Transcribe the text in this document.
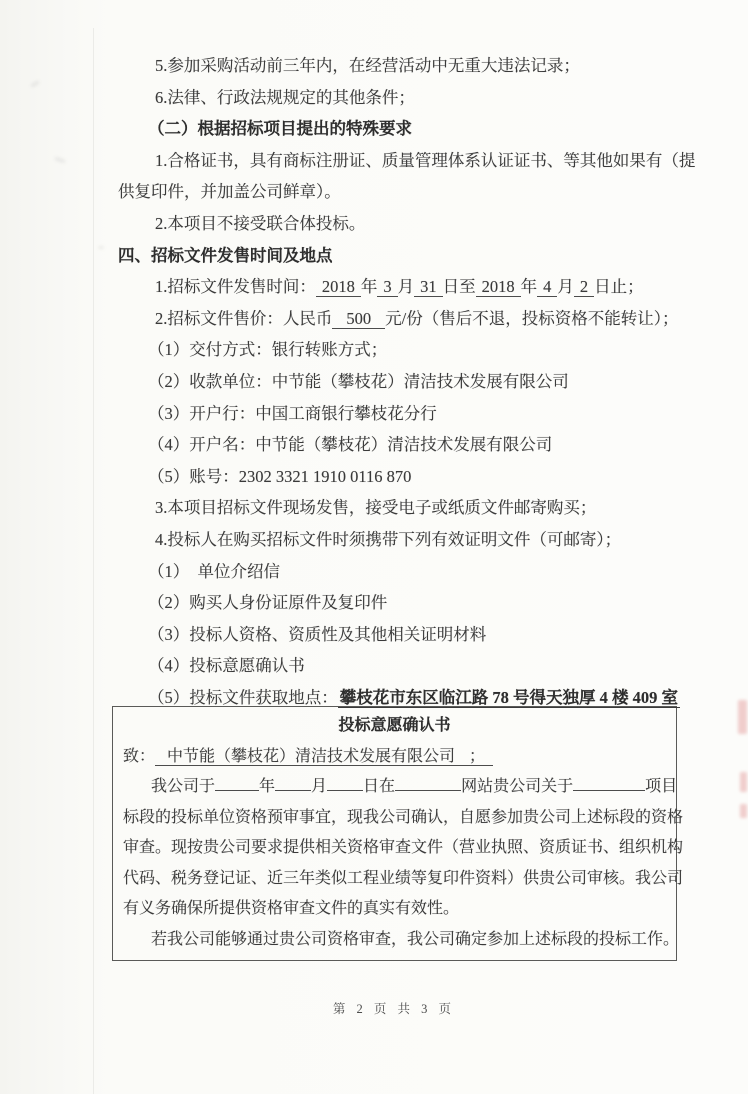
5.参加采购活动前三年内，在经营活动中无重大违法记录；

6.法律、行政法规规定的其他条件；

（二）根据招标项目提出的特殊要求

1.合格证书，具有商标注册证、质量管理体系认证证书、等其他如果有（提

供复印件，并加盖公司鲜章）。

2.本项目不接受联合体投标。

四、招标文件发售时间及地点

1.招标文件发售时间： 2018 年 3 月 31 日至 2018 年 4 月 2 日止；

2.招标文件售价：人民币 500 元/份（售后不退，投标资格不能转让）；

（1）交付方式：银行转账方式；

（2）收款单位：中节能（攀枝花）清洁技术发展有限公司

（3）开户行：中国工商银行攀枝花分行

（4）开户名：中节能（攀枝花）清洁技术发展有限公司

（5）账号：2302 3321 1910 0116 870

3.本项目招标文件现场发售，接受电子或纸质文件邮寄购买；

4.投标人在购买招标文件时须携带下列有效证明文件（可邮寄）；

（1）　单位介绍信

（2）购买人身份证原件及复印件

（3）投标人资格、资质性及其他相关证明材料

（4）投标意愿确认书

（5）投标文件获取地点： 攀枝花市东区临江路 78 号得天独厚 4 楼 409 室

投标意愿确认书

致： 中节能（攀枝花）清洁技术发展有限公司 ；

我公司于	年 月 日在	网站贵公司关于	项目

标段的投标单位资格预审事宜，现我公司确认，自愿参加贵公司上述标段的资格

审查。现按贵公司要求提供相关资格审查文件（营业执照、资质证书、组织机构

代码、税务登记证、近三年类似工程业绩等复印件资料）供贵公司审核。我公司

有义务确保所提供资格审查文件的真实有效性。

若我公司能够通过贵公司资格审查，我公司确定参加上述标段的投标工作。

第 2 页 共 3 页
